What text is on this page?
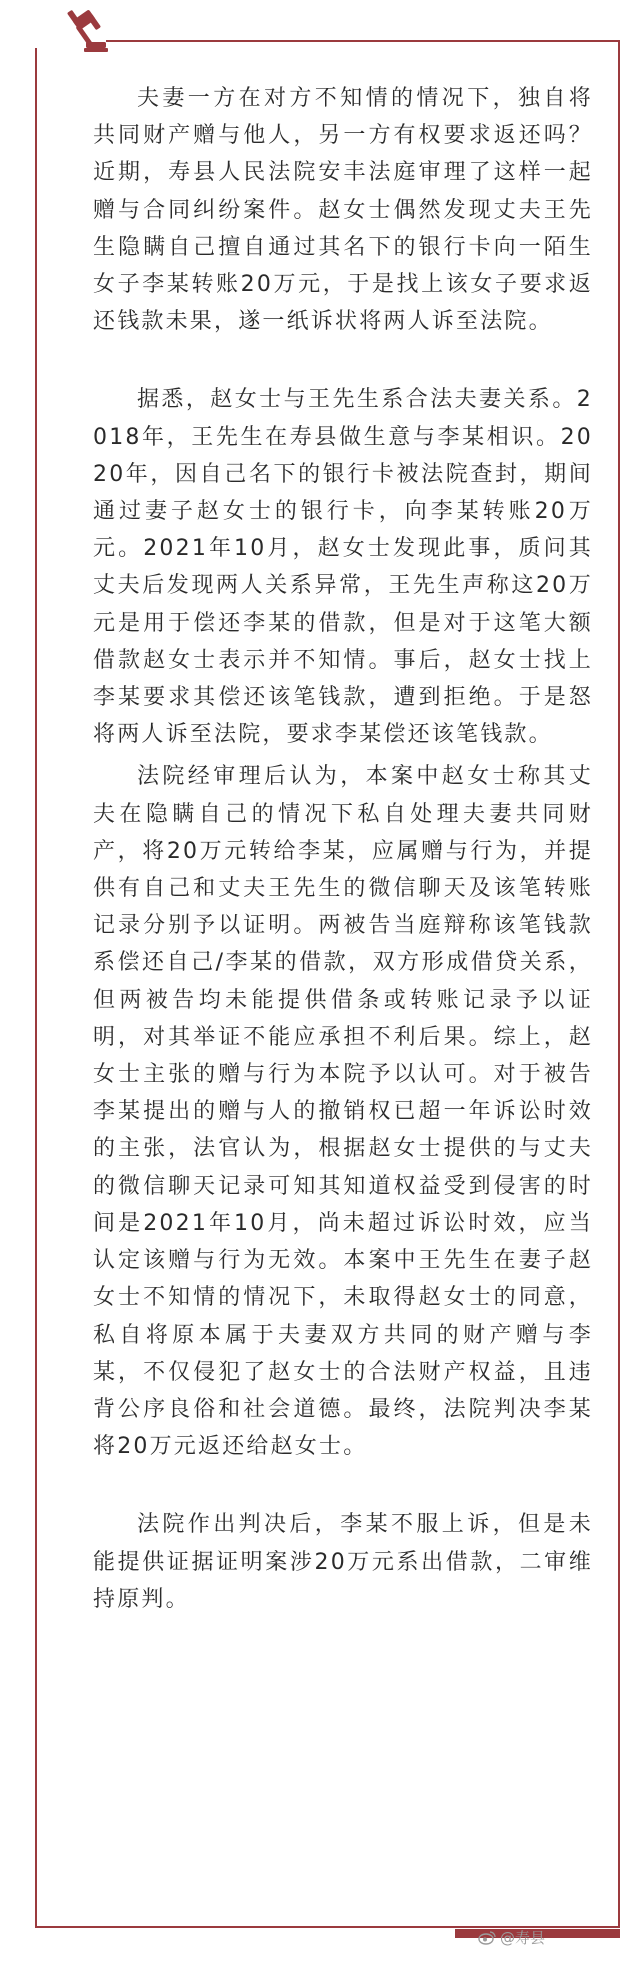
夫妻一方在对方不知情的情况下，独自将共同财产赠与他人，另一方有权要求返还吗？近期，寿县人民法院安丰法庭审理了这样一起赠与合同纠纷案件。赵女士偶然发现丈夫王先生隐瞒自己擅自通过其名下的银行卡向一陌生女子李某转账20万元，于是找上该女子要求返还钱款未果，遂一纸诉状将两人诉至法院。

据悉，赵女士与王先生系合法夫妻关系。2018年，王先生在寿县做生意与李某相识。2020年，因自己名下的银行卡被法院查封，期间通过妻子赵女士的银行卡，向李某转账20万元。2021年10月，赵女士发现此事，质问其丈夫后发现两人关系异常，王先生声称这20万元是用于偿还李某的借款，但是对于这笔大额借款赵女士表示并不知情。事后，赵女士找上李某要求其偿还该笔钱款，遭到拒绝。于是怒将两人诉至法院，要求李某偿还该笔钱款。

法院经审理后认为，本案中赵女士称其丈夫在隐瞒自己的情况下私自处理夫妻共同财产，将20万元转给李某，应属赠与行为，并提供有自己和丈夫王先生的微信聊天及该笔转账记录分别予以证明。两被告当庭辩称该笔钱款系偿还自己/李某的借款，双方形成借贷关系，但两被告均未能提供借条或转账记录予以证明，对其举证不能应承担不利后果。综上，赵女士主张的赠与行为本院予以认可。对于被告李某提出的赠与人的撤销权已超一年诉讼时效的主张，法官认为，根据赵女士提供的与丈夫的微信聊天记录可知其知道权益受到侵害的时间是2021年10月，尚未超过诉讼时效，应当认定该赠与行为无效。本案中王先生在妻子赵女士不知情的情况下，未取得赵女士的同意，私自将原本属于夫妻双方共同的财产赠与李某，不仅侵犯了赵女士的合法财产权益，且违背公序良俗和社会道德。最终，法院判决李某将20万元返还给赵女士。

法院作出判决后，李某不服上诉，但是未能提供证据证明案涉20万元系出借款，二审维持原判。

@寿县
